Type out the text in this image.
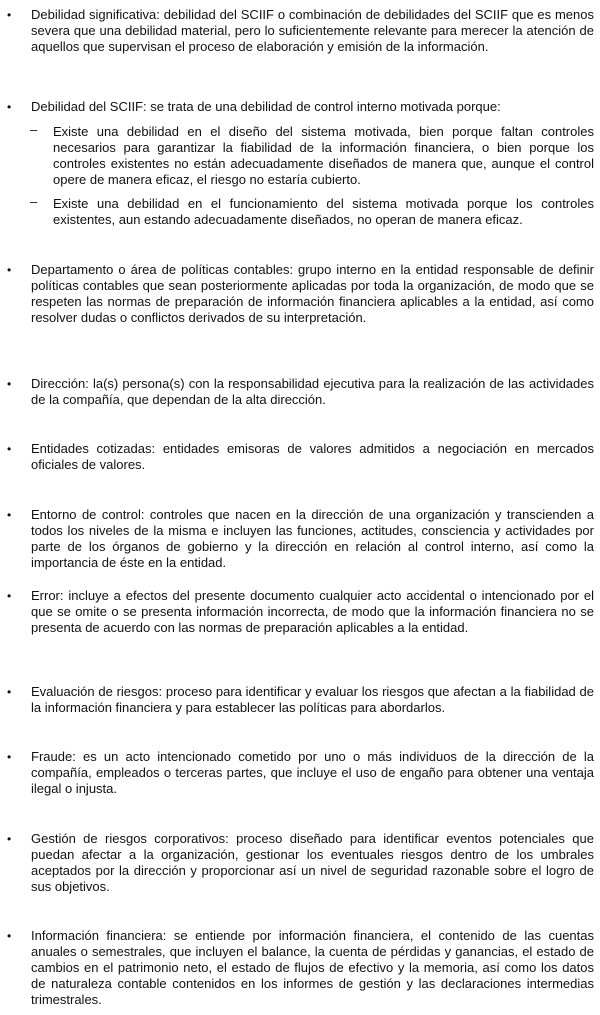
•	Debilidad significativa: debilidad del SCIIF o combinación de debilidades del SCIIF que es menos severa que una debilidad material, pero lo suficientemente relevante para merecer la atención de aquellos que supervisan el proceso de elaboración y emisión de la información.
•	Debilidad del SCIIF: se trata de una debilidad de control interno motivada porque:
– Existe una debilidad en el diseño del sistema motivada, bien porque faltan controles necesarios para garantizar la fiabilidad de la información financiera, o bien porque los controles existentes no están adecuadamente diseñados de manera que, aunque el control opere de manera eficaz, el riesgo no estaría cubierto.
– Existe una debilidad en el funcionamiento del sistema motivada porque los controles existentes, aun estando adecuadamente diseñados, no operan de manera eficaz.
•	Departamento o área de políticas contables: grupo interno en la entidad responsable de definir políticas contables que sean posteriormente aplicadas por toda la organización, de modo que se respeten las normas de preparación de información financiera aplicables a la entidad, así como resolver dudas o conflictos derivados de su interpretación.
•	Dirección: la(s) persona(s) con la responsabilidad ejecutiva para la realización de las actividades de la compañía, que dependan de la alta dirección.
•	Entidades cotizadas: entidades emisoras de valores admitidos a negociación en mercados oficiales de valores.
•	Entorno de control: controles que nacen en la dirección de una organización y transcienden a todos los niveles de la misma e incluyen las funciones, actitudes, consciencia y actividades por parte de los órganos de gobierno y la dirección en relación al control interno, así como la importancia de éste en la entidad.
•	Error: incluye a efectos del presente documento cualquier acto accidental o intencionado por el que se omite o se presenta información incorrecta, de modo que la información financiera no se presenta de acuerdo con las normas de preparación aplicables a la entidad.
•	Evaluación de riesgos: proceso para identificar y evaluar los riesgos que afectan a la fiabilidad de la información financiera y para establecer las políticas para abordarlos.
•	Fraude: es un acto intencionado cometido por uno o más individuos de la dirección de la compañía, empleados o terceras partes, que incluye el uso de engaño para obtener una ventaja ilegal o injusta.
•	Gestión de riesgos corporativos: proceso diseñado para identificar eventos potenciales que puedan afectar a la organización, gestionar los eventuales riesgos dentro de los umbrales aceptados por la dirección y proporcionar así un nivel de seguridad razonable sobre el logro de sus objetivos.
•	Información financiera: se entiende por información financiera, el contenido de las cuentas anuales o semestrales, que incluyen el balance, la cuenta de pérdidas y ganancias, el estado de cambios en el patrimonio neto, el estado de flujos de efectivo y la memoria, así como los datos de naturaleza contable contenidos en los informes de gestión y las declaraciones intermedias trimestrales.
